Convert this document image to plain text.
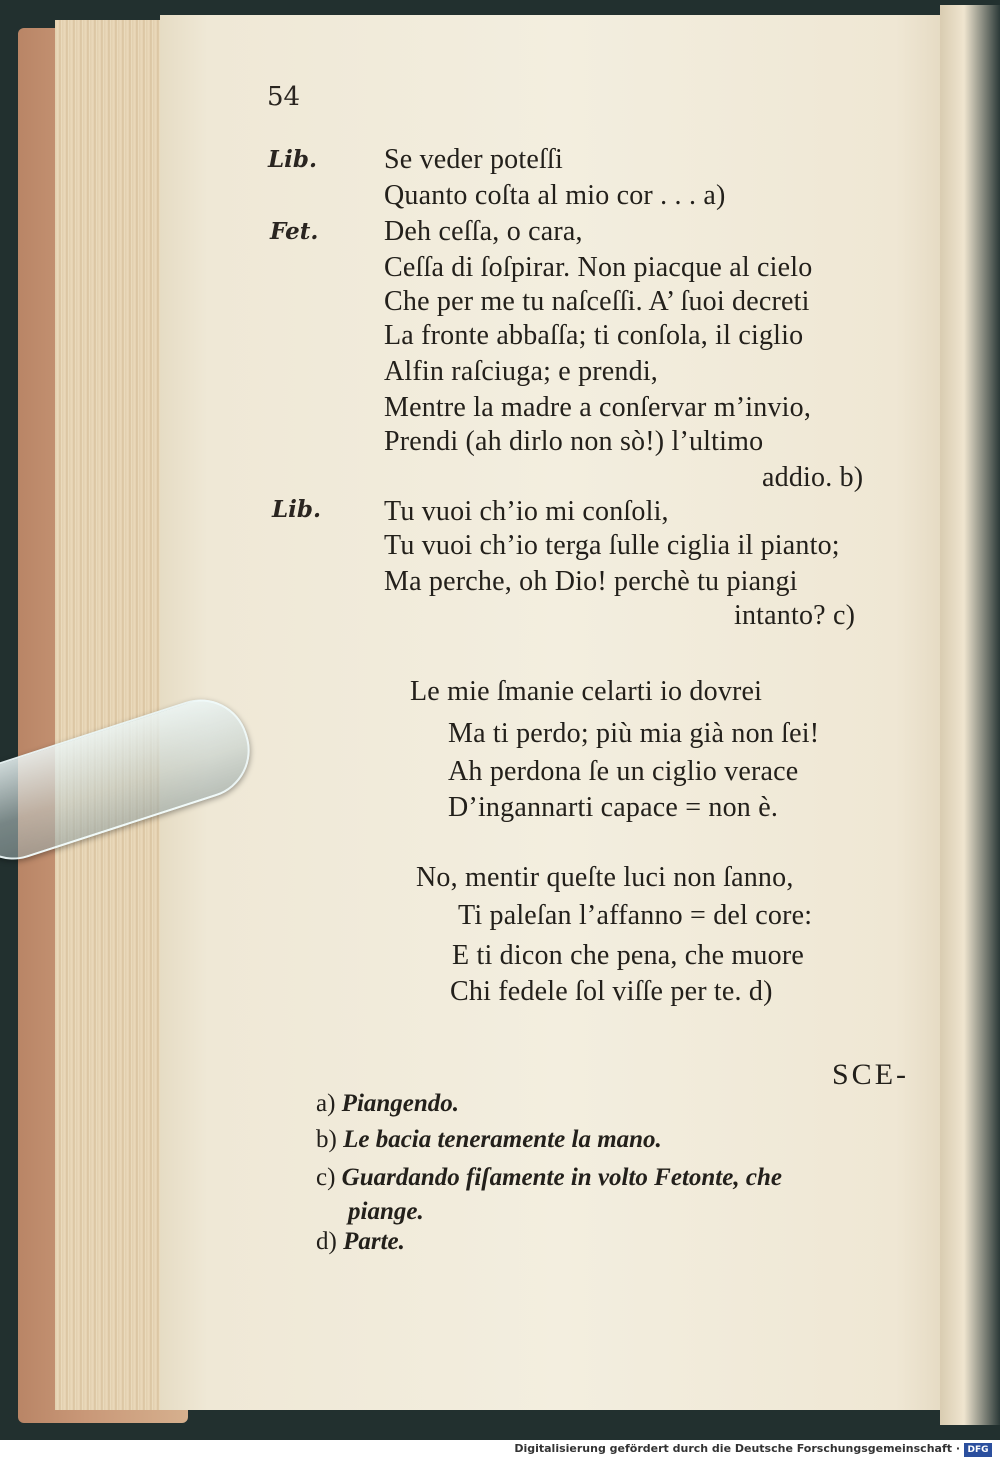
54
Lib.
Fet.
Lib.
Se veder poteſſi
Quanto coſta al mio cor . . . a)
Deh ceſſa, o cara,
Ceſſa di ſoſpirar. Non piacque al cielo
Che per me tu naſceſſi. A’ ſuoi decreti
La fronte abbaſſa; ti conſola, il ciglio
Alfin raſciuga; e prendi,
Mentre la madre a conſervar m’invio,
Prendi (ah dirlo non sò!) l’ultimo
addio. b)
Tu vuoi ch’io mi conſoli,
Tu vuoi ch’io terga ſulle ciglia il pianto;
Ma perche, oh Dio! perchè tu piangi
intanto? c)
Le mie ſmanie celarti io dovrei
Ma ti perdo; più mia già non ſei!
Ah perdona ſe un ciglio verace
D’ingannarti capace = non è.
No, mentir queſte luci non ſanno,
Ti paleſan l’affanno = del core:
E ti dicon che pena, che muore
Chi fedele ſol viſſe per te. d)
SCE-
a) Piangendo.
b) Le bacia teneramente la mano.
c) Guardando fiſamente in volto Fetonte, che
piange.
d) Parte.
Digitalisierung gefördert durch die Deutsche Forschungsgemeinschaft · DFG
